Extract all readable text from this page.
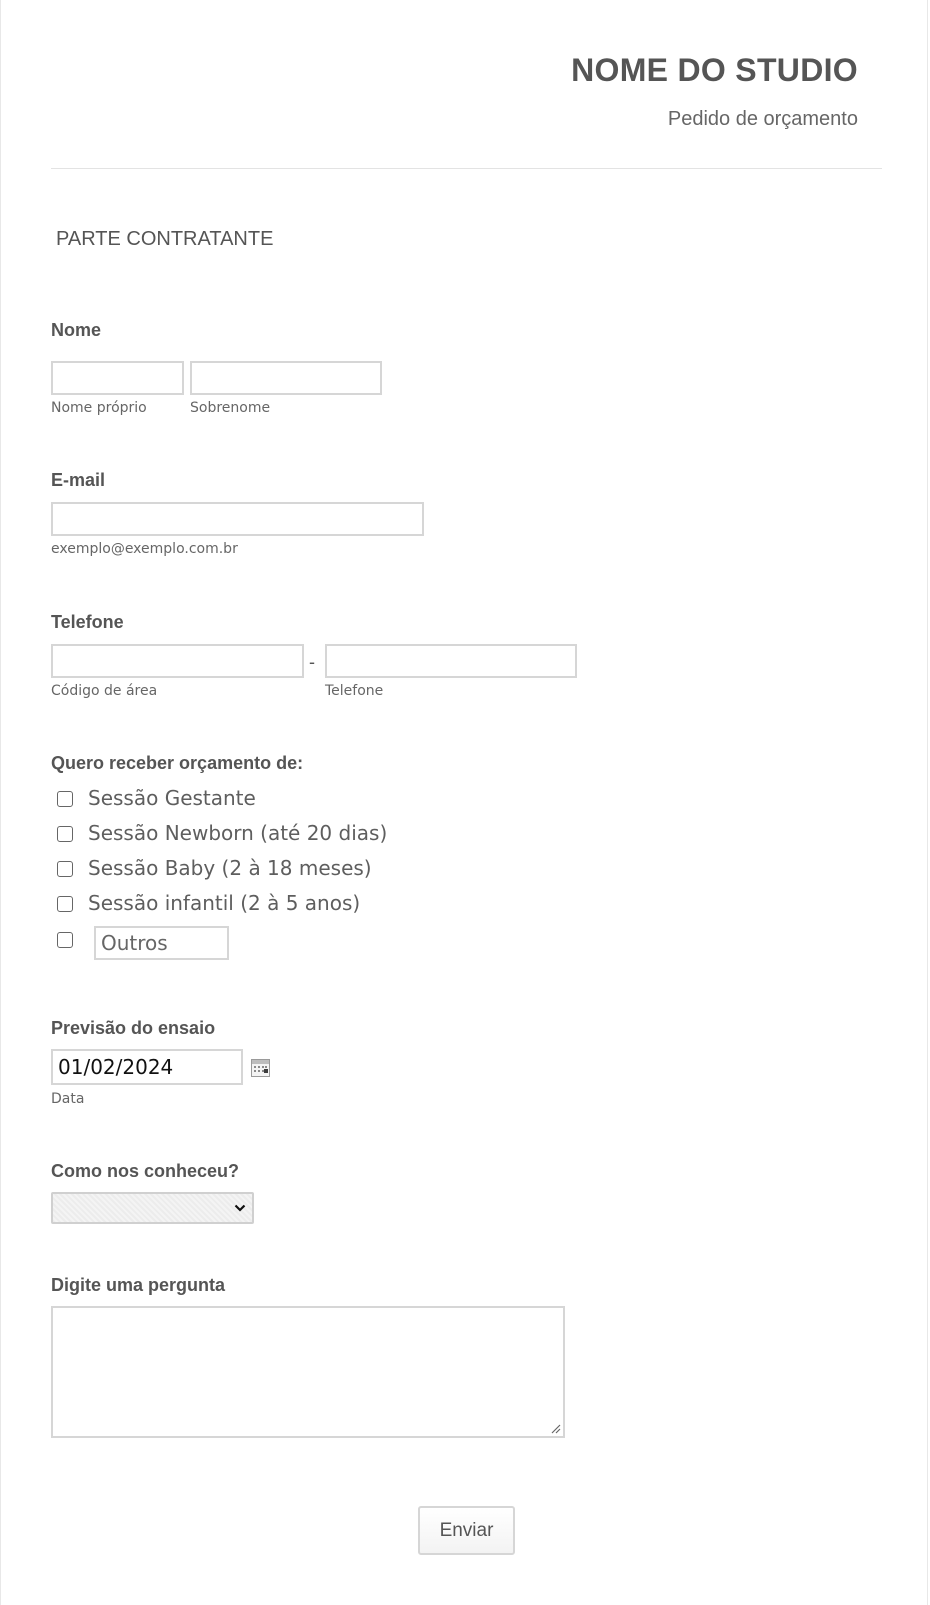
NOME DO STUDIO
Pedido de orçamento
PARTE CONTRATANTE
Nome
Nome próprio	Sobrenome
E-mail
exemplo@exemplo.com.br
Telefone
-
Código de área	Telefone
Quero receber orçamento de:
Sessão Gestante
Sessão Newborn (até 20 dias)
Sessão Baby (2 à 18 meses)
Sessão infantil (2 à 5 anos)
Outros
Previsão do ensaio
01/02/2024
Data
Como nos conheceu?
Digite uma pergunta
Enviar
